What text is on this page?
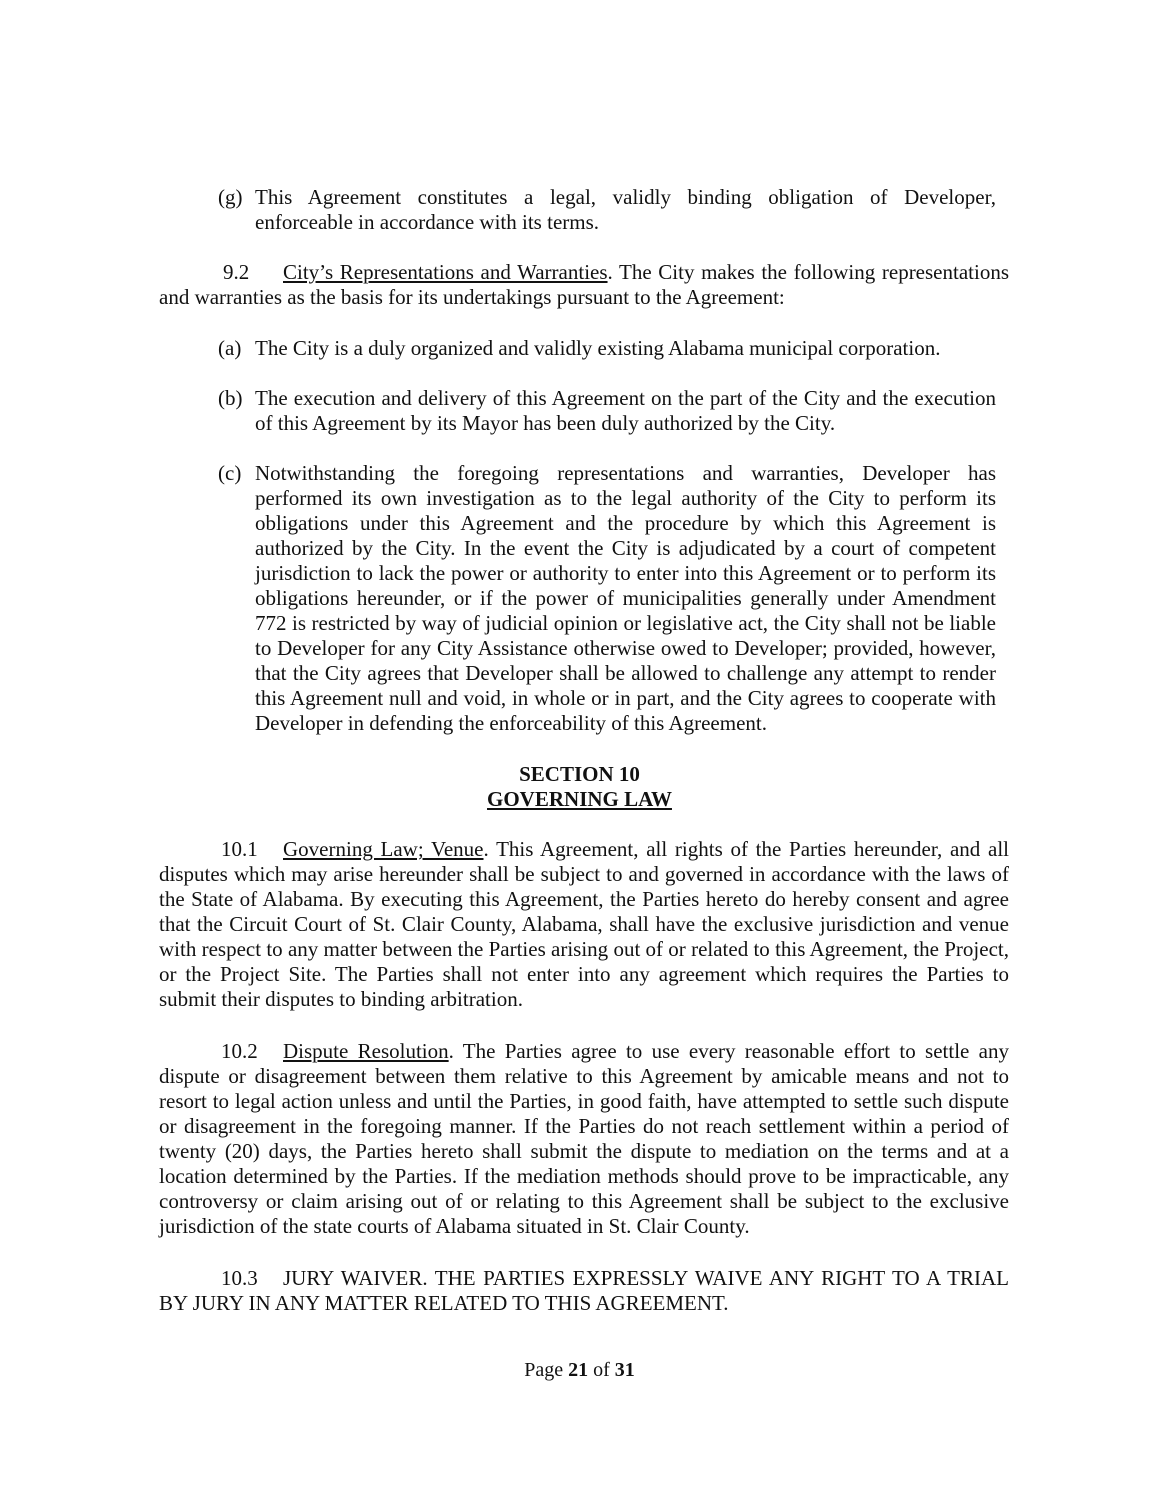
(g) This Agreement constitutes a legal, validly binding obligation of Developer, enforceable in accordance with its terms.

9.2 City’s Representations and Warranties. The City makes the following representations and warranties as the basis for its undertakings pursuant to the Agreement:

(a) The City is a duly organized and validly existing Alabama municipal corporation.
(b) The execution and delivery of this Agreement on the part of the City and the execution of this Agreement by its Mayor has been duly authorized by the City.
(c) Notwithstanding the foregoing representations and warranties, Developer has performed its own investigation as to the legal authority of the City to perform its obligations under this Agreement and the procedure by which this Agreement is authorized by the City. In the event the City is adjudicated by a court of competent jurisdiction to lack the power or authority to enter into this Agreement or to perform its obligations hereunder, or if the power of municipalities generally under Amendment 772 is restricted by way of judicial opinion or legislative act, the City shall not be liable to Developer for any City Assistance otherwise owed to Developer; provided, however, that the City agrees that Developer shall be allowed to challenge any attempt to render this Agreement null and void, in whole or in part, and the City agrees to cooperate with Developer in defending the enforceability of this Agreement.

SECTION 10

GOVERNING LAW

10.1 Governing Law; Venue. This Agreement, all rights of the Parties hereunder, and all disputes which may arise hereunder shall be subject to and governed in accordance with the laws of the State of Alabama. By executing this Agreement, the Parties hereto do hereby consent and agree that the Circuit Court of St. Clair County, Alabama, shall have the exclusive jurisdiction and venue with respect to any matter between the Parties arising out of or related to this Agreement, the Project, or the Project Site. The Parties shall not enter into any agreement which requires the Parties to submit their disputes to binding arbitration.

10.2 Dispute Resolution. The Parties agree to use every reasonable effort to settle any dispute or disagreement between them relative to this Agreement by amicable means and not to resort to legal action unless and until the Parties, in good faith, have attempted to settle such dispute or disagreement in the foregoing manner. If the Parties do not reach settlement within a period of twenty (20) days, the Parties hereto shall submit the dispute to mediation on the terms and at a location determined by the Parties. If the mediation methods should prove to be impracticable, any controversy or claim arising out of or relating to this Agreement shall be subject to the exclusive jurisdiction of the state courts of Alabama situated in St. Clair County.

10.3 JURY WAIVER. THE PARTIES EXPRESSLY WAIVE ANY RIGHT TO A TRIAL BY JURY IN ANY MATTER RELATED TO THIS AGREEMENT.

Page 21 of 31
